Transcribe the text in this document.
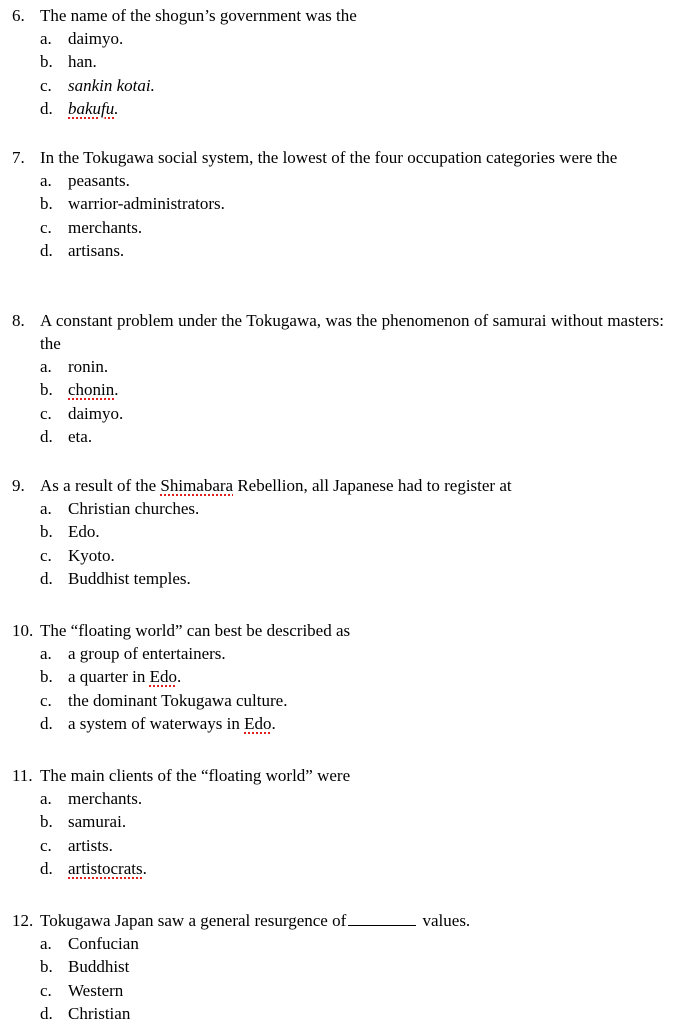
6. The name of the shogun’s government was the
a. daimyo.
b. han.
c. sankin kotai.
d. bakufu.
7. In the Tokugawa social system, the lowest of the four occupation categories were the
a. peasants.
b. warrior-administrators.
c. merchants.
d. artisans.
8. A constant problem under the Tokugawa, was the phenomenon of samurai without masters: the
a. ronin.
b. chonin.
c. daimyo.
d. eta.
9. As a result of the Shimabara Rebellion, all Japanese had to register at
a. Christian churches.
b. Edo.
c. Kyoto.
d. Buddhist temples.
10. The “floating world” can best be described as
a. a group of entertainers.
b. a quarter in Edo.
c. the dominant Tokugawa culture.
d. a system of waterways in Edo.
11. The main clients of the “floating world” were
a. merchants.
b. samurai.
c. artists.
d. artistocrats.
12. Tokugawa Japan saw a general resurgence of	values.
a. Confucian
b. Buddhist
c. Western
d. Christian
